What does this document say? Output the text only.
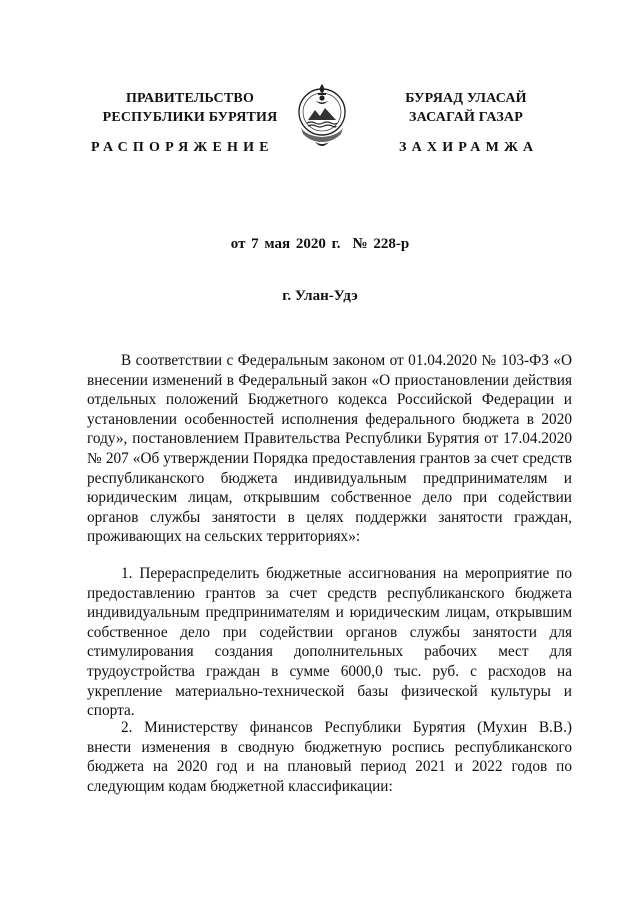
ПРАВИТЕЛЬСТВО
РЕСПУБЛИКИ БУРЯТИЯ
БУРЯАД УЛАСАЙ
ЗАСАГАЙ ГАЗАР
РАСПОРЯЖЕНИЕ	ЗАХИРАМЖА
от 7 мая 2020 г. № 228-р
г. Улан-Удэ

В соответствии с Федеральным законом от 01.04.2020 № 103-ФЗ «О внесении изменений в Федеральный закон «О приостановлении действия отдельных положений Бюджетного кодекса Российской Федерации и установлении особенностей исполнения федерального бюджета в 2020 году», постановлением Правительства Республики Бурятия от 17.04.2020 № 207 «Об утверждении Порядка предоставления грантов за счет средств республиканского бюджета индивидуальным предпринимателям и юридическим лицам, открывшим собственное дело при содействии органов службы занятости в целях поддержки занятости граждан, проживающих на сельских территориях»:

1. Перераспределить бюджетные ассигнования на мероприятие по предоставлению грантов за счет средств республиканского бюджета индивидуальным предпринимателям и юридическим лицам, открывшим собственное дело при содействии органов службы занятости для стимулирования создания дополнительных рабочих мест для трудоустройства граждан в сумме 6000,0 тыс. руб. с расходов на укрепление материально-технической базы физической культуры и спорта.

2. Министерству финансов Республики Бурятия (Мухин В.В.) внести изменения в сводную бюджетную роспись республиканского бюджета на 2020 год и на плановый период 2021 и 2022 годов по следующим кодам бюджетной классификации:
